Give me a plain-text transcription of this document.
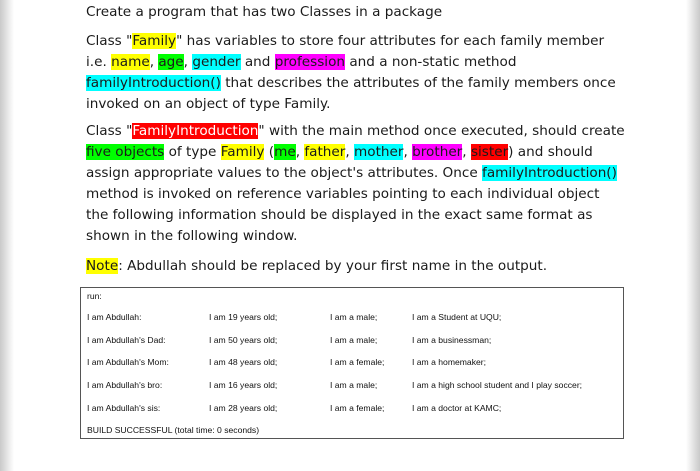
Create a program that has two Classes in a package

Class "Family" has variables to store four attributes for each family member i.e. name, age, gender and profession and a non-static method familyIntroduction() that describes the attributes of the family members once invoked on an object of type Family.

Class "FamilyIntroduction" with the main method once executed, should create five objects of type Family (me, father, mother, brother, sister) and should assign appropriate values to the object's attributes. Once familyIntroduction() method is invoked on reference variables pointing to each individual object the following information should be displayed in the exact same format as shown in the following window.

Note: Abdullah should be replaced by your first name in the output.

run:
I am Abdullah:	I am 19 years old;	I am a male;	I am a Student at UQU;
I am Abdullah's Dad:	I am 50 years old;	I am a male;	I am a businessman;
I am Abdullah's Mom:	I am 48 years old;	I am a female;	I am a homemaker;
I am Abdullah's bro:	I am 16 years old;	I am a male;	I am a high school student and I play soccer;
I am Abdullah's sis:	I am 28 years old;	I am a female;	I am a doctor at KAMC;
BUILD SUCCESSFUL (total time: 0 seconds)
